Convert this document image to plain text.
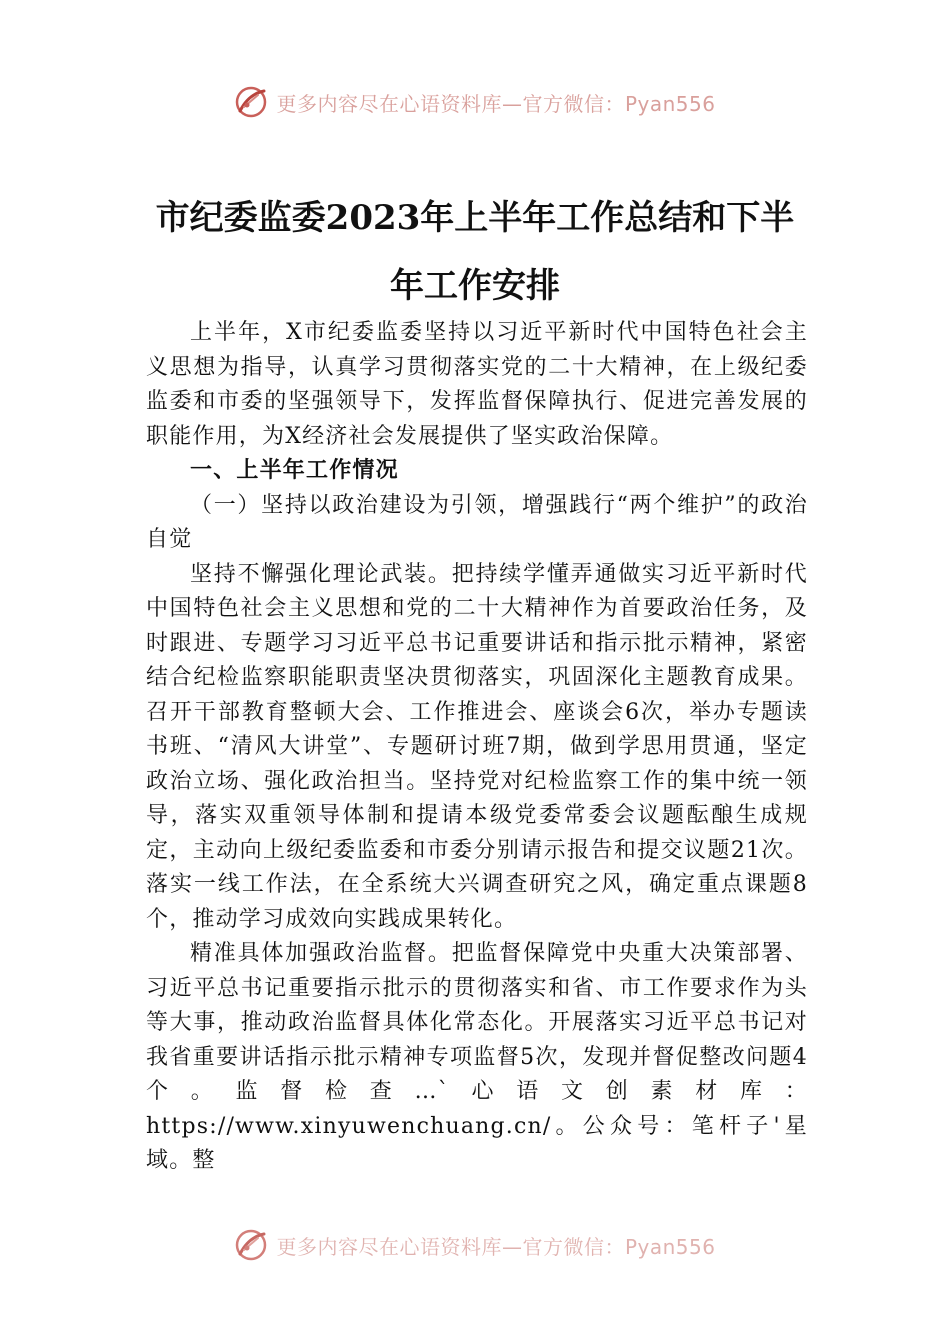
更多内容尽在心语资料库—官方微信：Pyan556
市纪委监委2023年上半年工作总结和下半
年工作安排

上半年，X市纪委监委坚持以习近平新时代中国特色社会主义思想为指导，认真学习贯彻落实党的二十大精神，在上级纪委监委和市委的坚强领导下，发挥监督保障执行、促进完善发展的职能作用，为X经济社会发展提供了坚实政治保障。

一、上半年工作情况

（一）坚持以政治建设为引领，增强践行“两个维护”的政治自觉

坚持不懈强化理论武装。把持续学懂弄通做实习近平新时代中国特色社会主义思想和党的二十大精神作为首要政治任务，及时跟进、专题学习习近平总书记重要讲话和指示批示精神，紧密结合纪检监察职能职责坚决贯彻落实，巩固深化主题教育成果。召开干部教育整顿大会、工作推进会、座谈会6次，举办专题读书班、“清风大讲堂”、专题研讨班7期，做到学思用贯通，坚定政治立场、强化政治担当。坚持党对纪检监察工作的集中统一领导，落实双重领导体制和提请本级党委常委会议题酝酿生成规定，主动向上级纪委监委和市委分别请示报告和提交议题21次。落实一线工作法，在全系统大兴调查研究之风，确定重点课题8个，推动学习成效向实践成果转化。

精准具体加强政治监督。把监督保障党中央重大决策部署、习近平总书记重要指示批示的贯彻落实和省、市工作要求作为头等大事，推动政治监督具体化常态化。开展落实习近平总书记对我省重要讲话指示批示精神专项监督5次，发现并督促整改问题4个。监督检查…`心语文创素材库：https://www.xinyuwenchuang.cn/。公众号：笔杆子'星域。整

更多内容尽在心语资料库—官方微信：Pyan556
